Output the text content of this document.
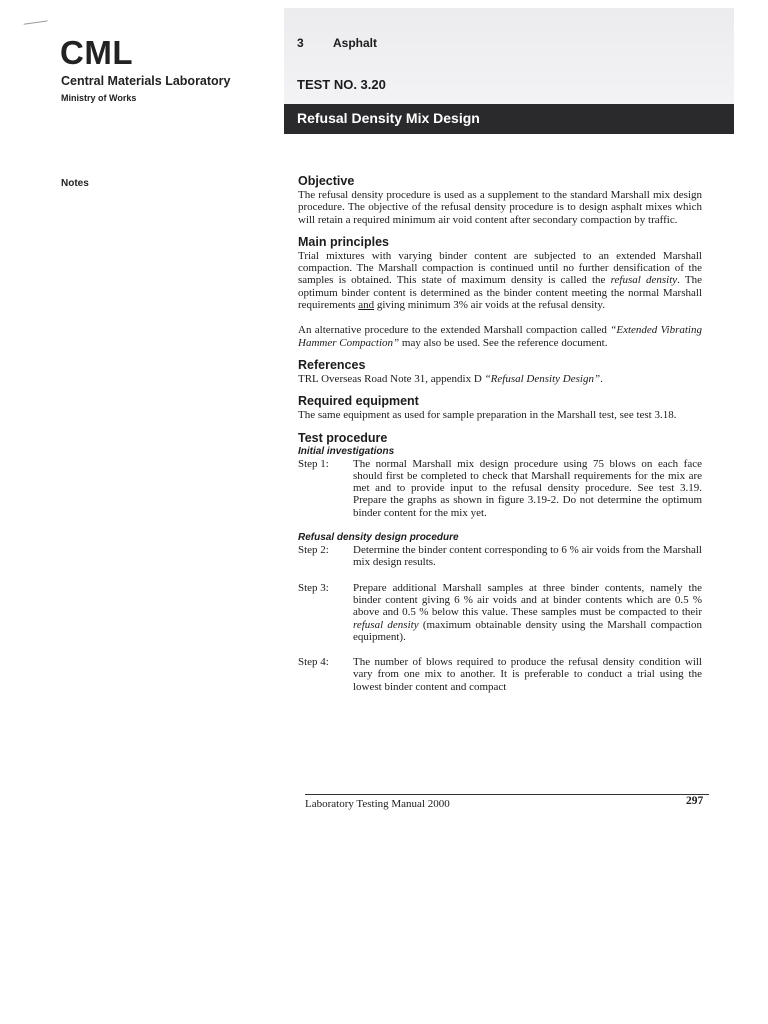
CML
Central Materials Laboratory
Ministry of Works
Notes
3 Asphalt
TEST NO. 3.20
Refusal Density Mix Design
Objective

The refusal density procedure is used as a supplement to the standard Marshall mix design procedure. The objective of the refusal density procedure is to design asphalt mixes which will retain a required minimum air void content after secondary compaction by traffic.

Main principles

Trial mixtures with varying binder content are subjected to an extended Marshall compaction. The Marshall compaction is continued until no further densification of the samples is obtained. This state of maximum density is called the refusal density. The optimum binder content is determined as the binder content meeting the normal Marshall requirements and giving minimum 3% air voids at the refusal density.

An alternative procedure to the extended Marshall compaction called “Extended Vibrating Hammer Compaction” may also be used. See the reference document.

References

TRL Overseas Road Note 31, appendix D “Refusal Density Design”.

Required equipment

The same equipment as used for sample preparation in the Marshall test, see test 3.18.

Test procedure
Initial investigations
Step 1:	The normal Marshall mix design procedure using 75 blows on each face should first be completed to check that Marshall requirements for the mix are met and to provide input to the refusal density procedure. See test 3.19. Prepare the graphs as shown in figure 3.19-2. Do not determine the optimum binder content for the mix yet.
Refusal density design procedure
Step 2:	Determine the binder content corresponding to 6 % air voids from the Marshall mix design results.
Step 3:	Prepare additional Marshall samples at three binder contents, namely the binder content giving 6 % air voids and at binder contents which are 0.5 % above and 0.5 % below this value. These samples must be compacted to their refusal density (maximum obtainable density using the Marshall compaction equipment).
Step 4:	The number of blows required to produce the refusal density condition will vary from one mix to another. It is preferable to conduct a trial using the lowest binder content and compact
Laboratory Testing Manual 2000	297
